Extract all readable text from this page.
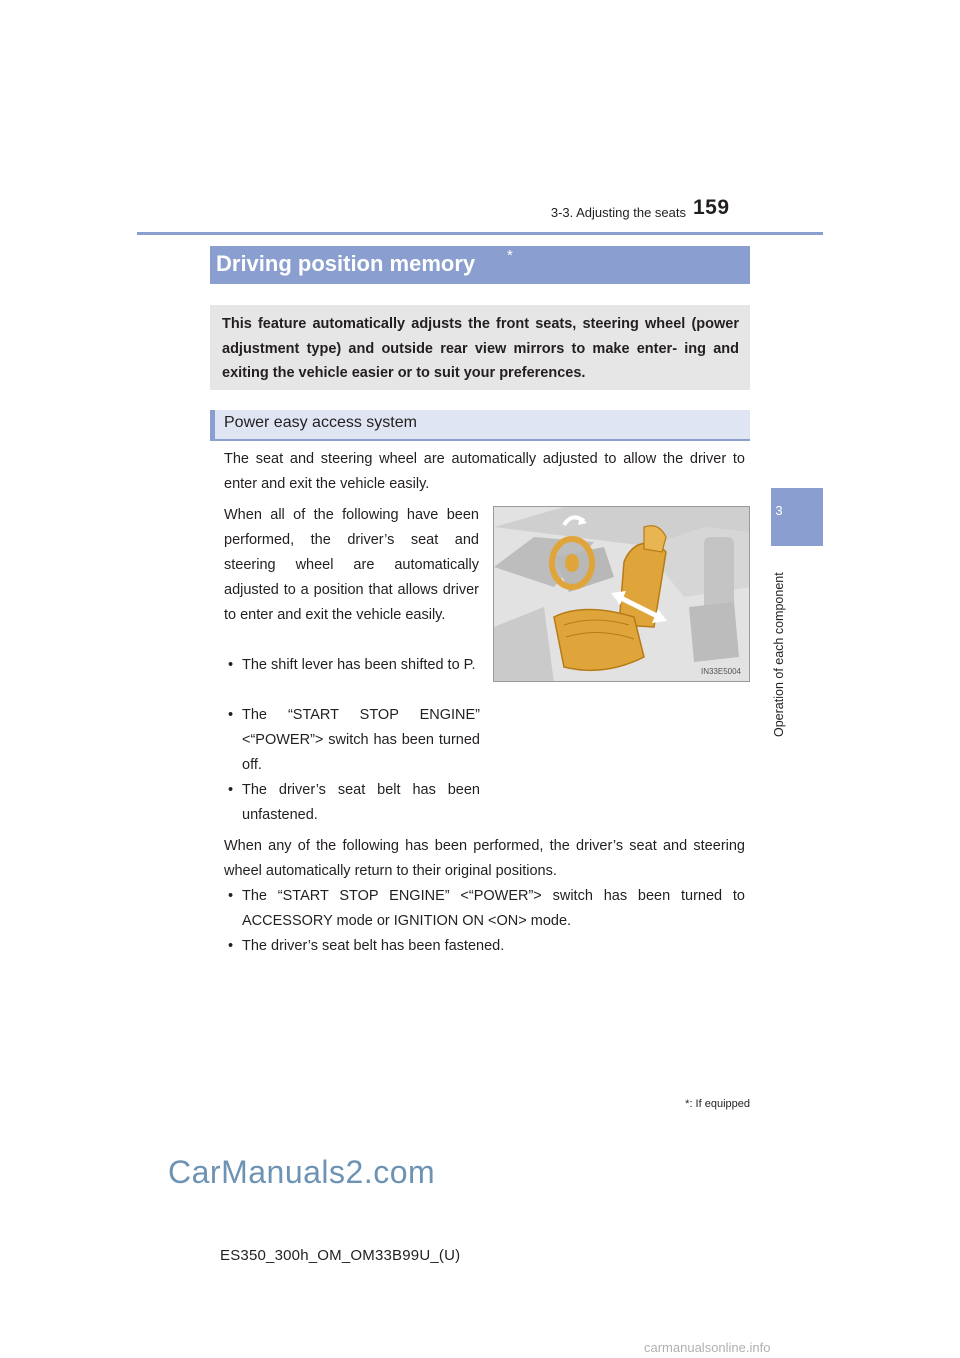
3-3. Adjusting the seats 159
3
Operation of each component
Driving position memory *
This feature automatically adjusts the front seats, steering wheel (power adjustment type) and outside rear view mirrors to make enter- ing and exiting the vehicle easier or to suit your preferences.
Power easy access system
The seat and steering wheel are automatically adjusted to allow the driver to enter and exit the vehicle easily.
When all of the following have been performed, the driver’s seat and steering wheel are automatically adjusted to a position that allows driver to enter and exit the vehicle easily.
• The shift lever has been shifted to P.
• The “START STOP ENGINE” <“POWER”> switch has been turned off.
• The driver’s seat belt has been unfastened.
IN33E5004
When any of the following has been performed, the driver’s seat and steering wheel automatically return to their original positions.
• The “START STOP ENGINE” <“POWER”> switch has been turned to ACCESSORY mode or IGNITION ON <ON> mode.
• The driver’s seat belt has been fastened.
*: If equipped
CarManuals2.com
ES350_300h_OM_OM33B99U_(U)
carmanualsonline.info
